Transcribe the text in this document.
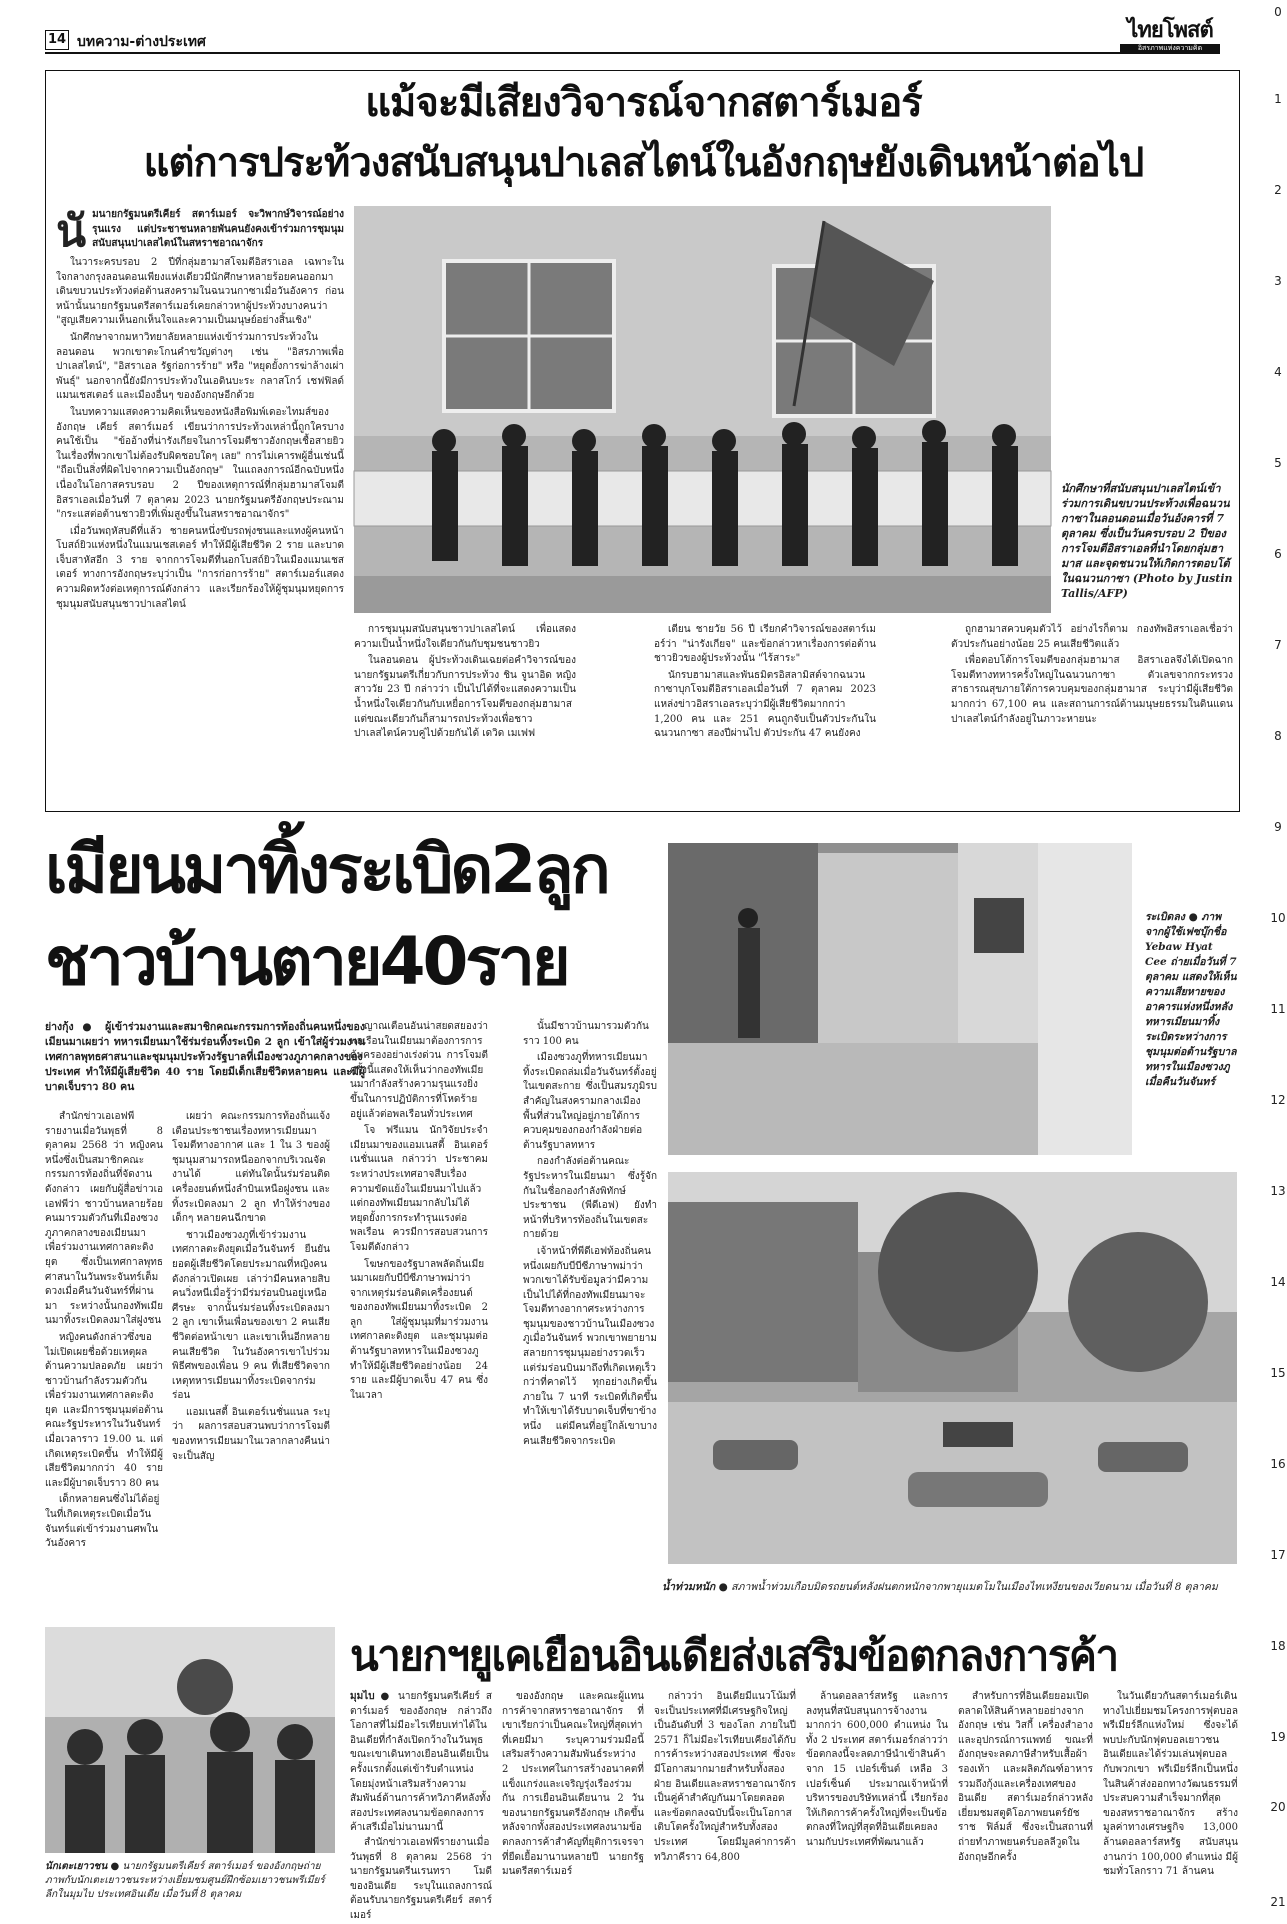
14 บทความ-ต่างประเทศ	ไทยโพสต์
อิสรภาพแห่งความคิด
0
1
2
3
4
5
6
7
8
9
10
11
12
13
14
15
16
17
18
19
20
21
แม้จะมีเสียงวิจารณ์จากสตาร์เมอร์
แต่การประท้วงสนับสนุนปาเลสไตน์ในอังกฤษยังเดินหน้าต่อไป
นักศึกษาที่สนับสนุนปาเลสไตน์เข้าร่วมการเดินขบวนประท้วงเพื่อฉนวนกาซาในลอนดอนเมื่อวันอังคารที่ 7 ตุลาคม ซึ่งเป็นวันครบรอบ 2 ปีของการโจมตีอิสราเอลที่นำโดยกลุ่มฮามาส และจุดชนวนให้เกิดการตอบโต้ในฉนวนกาซา (Photo by Justin Tallis/AFP)
นั มนายกรัฐมนตรีเคียร์ สตาร์เมอร์ จะวิพากษ์วิจารณ์อย่างรุนแรง แต่ประชาชนหลายพันคนยังคงเข้าร่วมการชุมนุมสนับสนุนปาเลสไตน์ในสหราชอาณาจักร

ในวาระครบรอบ 2 ปีที่กลุ่มฮามาสโจมตีอิสราเอล เฉพาะในใจกลางกรุงลอนดอนเพียงแห่งเดียวมีนักศึกษาหลายร้อยคนออกมาเดินขบวนประท้วงต่อต้านสงครามในฉนวนกาซาเมื่อวันอังคาร ก่อนหน้านั้นนายกรัฐมนตรีสตาร์เมอร์เคยกล่าวหาผู้ประท้วงบางคนว่า "สูญเสียความเห็นอกเห็นใจและความเป็นมนุษย์อย่างสิ้นเชิง"

นักศึกษาจากมหาวิทยาลัยหลายแห่งเข้าร่วมการประท้วงในลอนดอน พวกเขาตะโกนคำขวัญต่างๆ เช่น "อิสรภาพเพื่อปาเลสไตน์", "อิสราเอล รัฐก่อการร้าย" หรือ "หยุดยั้งการฆ่าล้างเผ่าพันธุ์" นอกจากนี้ยังมีการประท้วงในเอดินบะระ กลาสโกว์ เชฟฟิลด์ แมนเชสเตอร์ และเมืองอื่นๆ ของอังกฤษอีกด้วย

ในบทความแสดงความคิดเห็นของหนังสือพิมพ์เดอะไทมส์ของอังกฤษ เคียร์ สตาร์เมอร์ เขียนว่าการประท้วงเหล่านี้ถูกใครบางคนใช้เป็น "ข้ออ้างที่น่ารังเกียจในการโจมตีชาวอังกฤษเชื้อสายยิว ในเรื่องที่พวกเขาไม่ต้องรับผิดชอบใดๆ เลย" การไม่เคารพผู้อื่นเช่นนี้ "ถือเป็นสิ่งที่ผิดไปจากความเป็นอังกฤษ" ในแถลงการณ์อีกฉบับหนึ่งเนื่องในโอกาสครบรอบ 2 ปีของเหตุการณ์ที่กลุ่มฮามาสโจมตีอิสราเอลเมื่อวันที่ 7 ตุลาคม 2023 นายกรัฐมนตรีอังกฤษประณาม "กระแสต่อต้านชาวยิวที่เพิ่มสูงขึ้นในสหราชอาณาจักร"

เมื่อวันพฤหัสบดีที่แล้ว ชายคนหนึ่งขับรถพุ่งชนและแทงผู้คนหน้าโบสถ์ยิวแห่งหนึ่งในแมนเชสเตอร์ ทำให้มีผู้เสียชีวิต 2 ราย และบาดเจ็บสาหัสอีก 3 ราย จากการโจมตีที่นอกโบสถ์ยิวในเมืองแมนเชสเตอร์ ทางการอังกฤษระบุว่าเป็น "การก่อการร้าย" สตาร์เมอร์แสดงความผิดหวังต่อเหตุการณ์ดังกล่าว และเรียกร้องให้ผู้ชุมนุมหยุดการชุมนุมสนับสนุนชาวปาเลสไตน์

การชุมนุมสนับสนุนชาวปาเลสไตน์ เพื่อแสดงความเป็นน้ำหนึ่งใจเดียวกันกับชุมชนชาวยิว

ในลอนดอน ผู้ประท้วงเดินเฉยต่อคำวิจารณ์ของนายกรัฐมนตรีเกี่ยวกับการประท้วง ชิน จูนาอิด หญิงสาววัย 23 ปี กล่าวว่า เป็นไปได้ที่จะแสดงความเป็นน้ำหนึ่งใจเดียวกันกับเหยื่อการโจมตีของกลุ่มฮามาส แต่ขณะเดียวกันก็สามารถประท้วงเพื่อชาวปาเลสไตน์ควบคู่ไปด้วยกันได้ เดวิด เมเฟฟ

เตียน ชายวัย 56 ปี เรียกคำวิจารณ์ของสตาร์เมอร์ว่า "น่ารังเกียจ" และข้อกล่าวหาเรื่องการต่อต้านชาวยิวของผู้ประท้วงนั้น "ไร้สาระ"

นักรบฮามาสและพันธมิตรอิสลามิสต์จากฉนวนกาซาบุกโจมตีอิสราเอลเมื่อวันที่ 7 ตุลาคม 2023 แหล่งข่าวอิสราเอลระบุว่ามีผู้เสียชีวิตมากกว่า 1,200 คน และ 251 คนถูกจับเป็นตัวประกันในฉนวนกาซา สองปีผ่านไป ตัวประกัน 47 คนยังคง

ถูกฮามาสควบคุมตัวไว้ อย่างไรก็ตาม กองทัพอิสราเอลเชื่อว่าตัวประกันอย่างน้อย 25 คนเสียชีวิตแล้ว

เพื่อตอบโต้การโจมตีของกลุ่มฮามาส อิสราเอลจึงได้เปิดฉากโจมตีทางทหารครั้งใหญ่ในฉนวนกาซา ตัวเลขจากกระทรวงสาธารณสุขภายใต้การควบคุมของกลุ่มฮามาส ระบุว่ามีผู้เสียชีวิตมากกว่า 67,100 คน และสถานการณ์ด้านมนุษยธรรมในดินแดนปาเลสไตน์กำลังอยู่ในภาวะหายนะ

เมียนมาทิ้งระเบิด2ลูก
ชาวบ้านตาย40ราย
ย่างกุ้ง ● ผู้เข้าร่วมงานและสมาชิกคณะกรรมการท้องถิ่นคนหนึ่งของเมียนมาเผยว่า ทหารเมียนมาใช้ร่มร่อนทิ้งระเบิด 2 ลูก เข้าใส่ผู้ร่วมงานเทศกาลพุทธศาสนาและชุมนุมประท้วงรัฐบาลที่เมืองซวงภูภาคกลางของประเทศ ทำให้มีผู้เสียชีวิต 40 ราย โดยมีเด็กเสียชีวิตหลายคน และมีผู้บาดเจ็บราว 80 คน

สำนักข่าวเอเอฟพีรายงานเมื่อวันพุธที่ 8 ตุลาคม 2568 ว่า หญิงคนหนึ่งซึ่งเป็นสมาชิกคณะกรรมการท้องถิ่นที่จัดงานดังกล่าว เผยกับผู้สื่อข่าวเอเอฟพีว่า ชาวบ้านหลายร้อยคนมารวมตัวกันที่เมืองซวงภูภาคกลางของเมียนมา เพื่อร่วมงานเทศกาลตะดิงยุต ซึ่งเป็นเทศกาลพุทธศาสนาในวันพระจันทร์เต็มดวงเมื่อคืนวันจันทร์ที่ผ่านมา ระหว่างนั้นกองทัพเมียนมาทิ้งระเบิดลงมาใส่ฝูงชน

หญิงคนดังกล่าวซึ่งขอไม่เปิดเผยชื่อด้วยเหตุผลด้านความปลอดภัย เผยว่า ชาวบ้านกำลังรวมตัวกันเพื่อร่วมงานเทศกาลตะดิงยุต และมีการชุมนุมต่อต้านคณะรัฐประหารในวันจันทร์ เมื่อเวลาราว 19.00 น. แต่เกิดเหตุระเบิดขึ้น ทำให้มีผู้เสียชีวิตมากกว่า 40 ราย และมีผู้บาดเจ็บราว 80 คน

เด็กหลายคนซึ่งไม่ได้อยู่ในที่เกิดเหตุระเบิดเมื่อวันจันทร์แต่เข้าร่วมงานศพในวันอังคาร

เผยว่า คณะกรรมการท้องถิ่นแจ้งเตือนประชาชนเรื่องทหารเมียนมาโจมตีทางอากาศ และ 1 ใน 3 ของผู้ชุมนุมสามารถหนีออกจากบริเวณจัดงานได้ แต่ทันใดนั้นร่มร่อนติดเครื่องยนต์หนึ่งลำบินเหนือฝูงชน และทิ้งระเบิดลงมา 2 ลูก ทำให้ร่างของเด็กๆ หลายคนฉีกขาด

ชาวเมืองซวงภูที่เข้าร่วมงานเทศกาลตะดิงยุตเมื่อวันจันทร์ ยืนยันยอดผู้เสียชีวิตโดยประมาณที่หญิงคนดังกล่าวเปิดเผย เล่าว่ามีคนหลายสิบคนวิ่งหนีเมื่อรู้ว่ามีร่มร่อนบินอยู่เหนือศีรษะ จากนั้นร่มร่อนทิ้งระเบิดลงมา 2 ลูก เขาเห็นเพื่อนของเขา 2 คนเสียชีวิตต่อหน้าเขา และเขาเห็นอีกหลายคนเสียชีวิต ในวันอังคารเขาไปร่วมพิธีศพของเพื่อน 9 คน ที่เสียชีวิตจากเหตุทหารเมียนมาทิ้งระเบิดจากร่มร่อน

แอมเนสตี้ อินเตอร์เนชั่นแนล ระบุว่า ผลการสอบสวนพบว่าการโจมตีของทหารเมียนมาในเวลากลางคืนน่าจะเป็นสัญ

ญาณเตือนอันน่าสยดสยองว่าพลเรือนในเมียนมาต้องการการคุ้มครองอย่างเร่งด่วน การโจมตีครั้งนี้แสดงให้เห็นว่ากองทัพเมียนมากำลังสร้างความรุนแรงยิ่งขึ้นในการปฏิบัติการที่โหดร้ายอยู่แล้วต่อพลเรือนทั่วประเทศ

โจ ฟรีแมน นักวิจัยประจำเมียนมาของแอมเนสตี้ อินเตอร์เนชั่นแนล กล่าวว่า ประชาคมระหว่างประเทศอาจสืบเรื่องความขัดแย้งในเมียนมาไปแล้ว แต่กองทัพเมียนมากลับไม่ได้หยุดยั้งการกระทำรุนแรงต่อพลเรือน ควรมีการสอบสวนการโจมตีดังกล่าว

โฆษกของรัฐบาลพลัดถิ่นเมียนมาเผยกับบีบีซีภาษาพม่าว่า จากเหตุร่มร่อนติดเครื่องยนต์ของกองทัพเมียนมาทิ้งระเบิด 2 ลูก ใส่ผู้ชุมนุมที่มาร่วมงานเทศกาลตะดิงยุต และชุมนุมต่อต้านรัฐบาลทหารในเมืองซวงภู ทำให้มีผู้เสียชีวิตอย่างน้อย 24 ราย และมีผู้บาดเจ็บ 47 คน ซึ่งในเวลา

นั้นมีชาวบ้านมารวมตัวกันราว 100 คน

เมืองซวงภูที่ทหารเมียนมาทิ้งระเบิดถล่มเมื่อวันจันทร์ตั้งอยู่ในเขตสะกาย ซึ่งเป็นสมรภูมิรบสำคัญในสงครามกลางเมือง พื้นที่ส่วนใหญ่อยู่ภายใต้การควบคุมของกองกำลังฝ่ายต่อต้านรัฐบาลทหาร

กองกำลังต่อต้านคณะรัฐประหารในเมียนมา ซึ่งรู้จักกันในชื่อกองกำลังพิทักษ์ประชาชน (พีดีเอฟ) ยังทำหน้าที่บริหารท้องถิ่นในเขตสะกายด้วย

เจ้าหน้าที่พีดีเอฟท้องถิ่นคนหนึ่งเผยกับบีบีซีภาษาพม่าว่า พวกเขาได้รับข้อมูลว่ามีความเป็นไปได้ที่กองทัพเมียนมาจะโจมตีทางอากาศระหว่างการชุมนุมของชาวบ้านในเมืองซวงภูเมื่อวันจันทร์ พวกเขาพยายามสลายการชุมนุมอย่างรวดเร็ว แต่ร่มร่อนบินมาถึงที่เกิดเหตุเร็วกว่าที่คาดไว้ ทุกอย่างเกิดขึ้นภายใน 7 นาที ระเบิดที่เกิดขึ้นทำให้เขาได้รับบาดเจ็บที่ขาข้างหนึ่ง แต่มีคนที่อยู่ใกล้เขาบางคนเสียชีวิตจากระเบิด

ระเบิดลง ● ภาพจากผู้ใช้เฟซบุ๊กชื่อ Yebaw Hyat Cee ถ่ายเมื่อวันที่ 7 ตุลาคม แสดงให้เห็นความเสียหายของอาคารแห่งหนึ่งหลังทหารเมียนมาทิ้งระเบิดระหว่างการชุมนุมต่อต้านรัฐบาลทหารในเมืองซวงภูเมื่อคืนวันจันทร์
น้ำท่วมหนัก ● สภาพน้ำท่วมเกือบมิดรถยนต์หลังฝนตกหนักจากพายุแมตโมในเมืองไทเหงียนของเวียดนาม เมื่อวันที่ 8 ตุลาคม
นายกฯยูเคเยือนอินเดียส่งเสริมข้อตกลงการค้า
นักเตะเยาวชน ● นายกรัฐมนตรีเคียร์ สตาร์เมอร์ ของอังกฤษถ่ายภาพกับนักเตะเยาวชนระหว่างเยี่ยมชมศูนย์ฝึกซ้อมเยาวชนพรีเมียร์ลีกในมุมไบ ประเทศอินเดีย เมื่อวันที่ 8 ตุลาคม
มุมไบ ● นายกรัฐมนตรีเคียร์ สตาร์เมอร์ ของอังกฤษ กล่าวถึงโอกาสที่ไม่มีอะไรเทียบเท่าได้ในอินเดียที่กำลังเปิดกว้างในวันพุธ ขณะเขาเดินทางเยือนอินเดียเป็นครั้งแรกตั้งแต่เข้ารับตำแหน่ง โดยมุ่งหน้าเสริมสร้างความสัมพันธ์ด้านการค้าทวิภาคีหลังทั้งสองประเทศลงนามข้อตกลงการค้าเสรีเมื่อไม่นานมานี้

สำนักข่าวเอเอฟพีรายงานเมื่อวันพุธที่ 8 ตุลาคม 2568 ว่านายกรัฐมนตรีนเรนทรา โมดี ของอินเดีย ระบุในแถลงการณ์ต้อนรับนายกรัฐมนตรีเคียร์ สตาร์เมอร์

ของอังกฤษ และคณะผู้แทนการค้าจากสหราชอาณาจักร ที่เขาเรียกว่าเป็นคณะใหญ่ที่สุดเท่าที่เคยมีมา ระบุความร่วมมือนี้เสริมสร้างความสัมพันธ์ระหว่าง 2 ประเทศในการสร้างอนาคตที่แข็งแกร่งและเจริญรุ่งเรืองร่วมกัน การเยือนอินเดียนาน 2 วันของนายกรัฐมนตรีอังกฤษ เกิดขึ้นหลังจากทั้งสองประเทศลงนามข้อตกลงการค้าสำคัญที่ยุติการเจรจาที่ยืดเยื้อมานานหลายปี นายกรัฐมนตรีสตาร์เมอร์

กล่าวว่า อินเดียมีแนวโน้มที่จะเป็นประเทศที่มีเศรษฐกิจใหญ่เป็นอันดับที่ 3 ของโลก ภายในปี 2571 ก็ไม่มีอะไรเทียบเคียงได้กับการค้าระหว่างสองประเทศ ซึ่งจะมีโอกาสมากมายสำหรับทั้งสองฝ่าย อินเดียและสหราชอาณาจักรเป็นคู่ค้าสำคัญกันมาโดยตลอด และข้อตกลงฉบับนี้จะเป็นโอกาสเติบโตครั้งใหญ่สำหรับทั้งสองประเทศ โดยมีมูลค่าการค้าทวิภาคีราว 64,800

ล้านดอลลาร์สหรัฐ และการลงทุนที่สนับสนุนการจ้างงานมากกว่า 600,000 ตำแหน่ง ในทั้ง 2 ประเทศ สตาร์เมอร์กล่าวว่า ข้อตกลงนี้จะลดภาษีนำเข้าสินค้าจาก 15 เปอร์เซ็นต์ เหลือ 3 เปอร์เซ็นต์ ประมาณเจ้าหน้าที่บริหารของบริษัทเหล่านี้ เรียกร้องให้เกิดการค้าครั้งใหญ่ที่จะเป็นข้อตกลงที่ใหญ่ที่สุดที่อินเดียเคยลงนามกับประเทศที่พัฒนาแล้ว

สำหรับการที่อินเดียยอมเปิดตลาดให้สินค้าหลายอย่างจากอังกฤษ เช่น วิสกี้ เครื่องสำอาง และอุปกรณ์การแพทย์ ขณะที่อังกฤษจะลดภาษีสำหรับเสื้อผ้า รองเท้า และผลิตภัณฑ์อาหาร รวมถึงกุ้งและเครื่องเทศของอินเดีย สตาร์เมอร์กล่าวหลังเยี่ยมชมสตูดิโอภาพยนตร์ยัชราช ฟิล์มส์ ซึ่งจะเป็นสถานที่ถ่ายทำภาพยนตร์บอลลีวูดในอังกฤษอีกครั้ง

ในวันเดียวกันสตาร์เมอร์เดินทางไปเยี่ยมชมโครงการฟุตบอลพรีเมียร์ลีกแห่งใหม่ ซึ่งจะได้พบปะกับนักฟุตบอลเยาวชนอินเดียและได้ร่วมเล่นฟุตบอลกับพวกเขา พรีเมียร์ลีกเป็นหนึ่งในสินค้าส่งออกทางวัฒนธรรมที่ประสบความสำเร็จมากที่สุดของสหราชอาณาจักร สร้างมูลค่าทางเศรษฐกิจ 13,000 ล้านดอลลาร์สหรัฐ สนับสนุนงานกว่า 100,000 ตำแหน่ง มีผู้ชมทั่วโลกราว 71 ล้านคน
